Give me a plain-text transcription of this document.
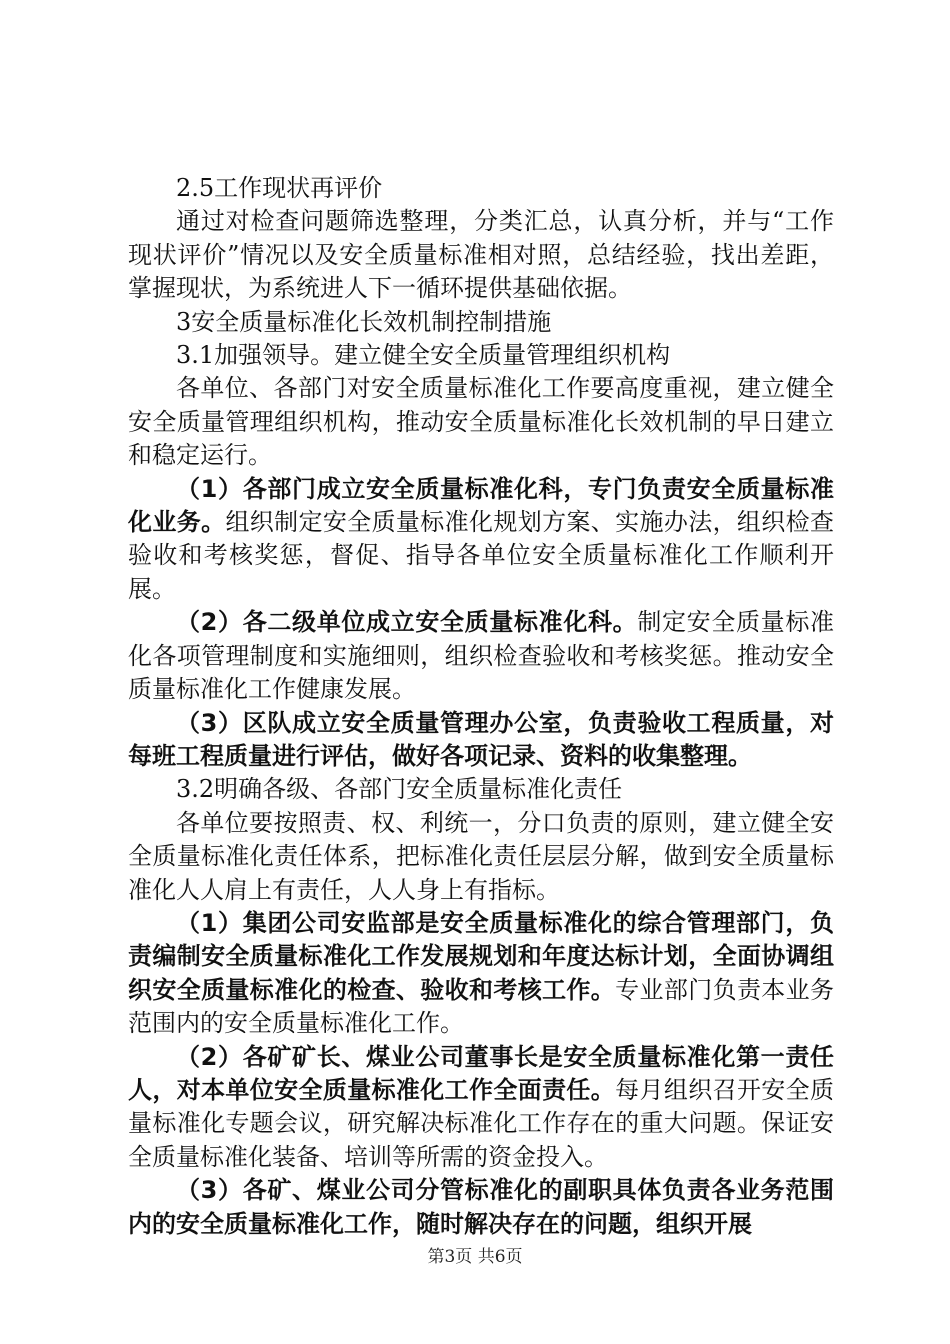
2.5工作现状再评价

通过对检查问题筛选整理，分类汇总，认真分析，并与“工作现状评价”情况以及安全质量标准相对照，总结经验，找出差距，掌握现状，为系统进人下一循环提供基础依据。

3安全质量标准化长效机制控制措施

3.1加强领导。建立健全安全质量管理组织机构

各单位、各部门对安全质量标准化工作要高度重视，建立健全安全质量管理组织机构，推动安全质量标准化长效机制的早日建立和稳定运行。

（1）各部门成立安全质量标准化科，专门负责安全质量标准化业务。组织制定安全质量标准化规划方案、实施办法，组织检查验收和考核奖惩，督促、指导各单位安全质量标准化工作顺利开展。

（2）各二级单位成立安全质量标准化科。制定安全质量标准化各项管理制度和实施细则，组织检查验收和考核奖惩。推动安全质量标准化工作健康发展。

（3）区队成立安全质量管理办公室，负责验收工程质量，对每班工程质量进行评估，做好各项记录、资料的收集整理。

3.2明确各级、各部门安全质量标准化责任

各单位要按照责、权、利统一，分口负责的原则，建立健全安全质量标准化责任体系，把标准化责任层层分解，做到安全质量标准化人人肩上有责任，人人身上有指标。

（1）集团公司安监部是安全质量标准化的综合管理部门，负责编制安全质量标准化工作发展规划和年度达标计划，全面协调组织安全质量标准化的检查、验收和考核工作。专业部门负责本业务范围内的安全质量标准化工作。

（2）各矿矿长、煤业公司董事长是安全质量标准化第一责任人，对本单位安全质量标准化工作全面责任。每月组织召开安全质量标准化专题会议，研究解决标准化工作存在的重大问题。保证安全质量标准化装备、培训等所需的资金投入。

（3）各矿、煤业公司分管标准化的副职具体负责各业务范围内的安全质量标准化工作，随时解决存在的问题，组织开展

第3页 共6页
